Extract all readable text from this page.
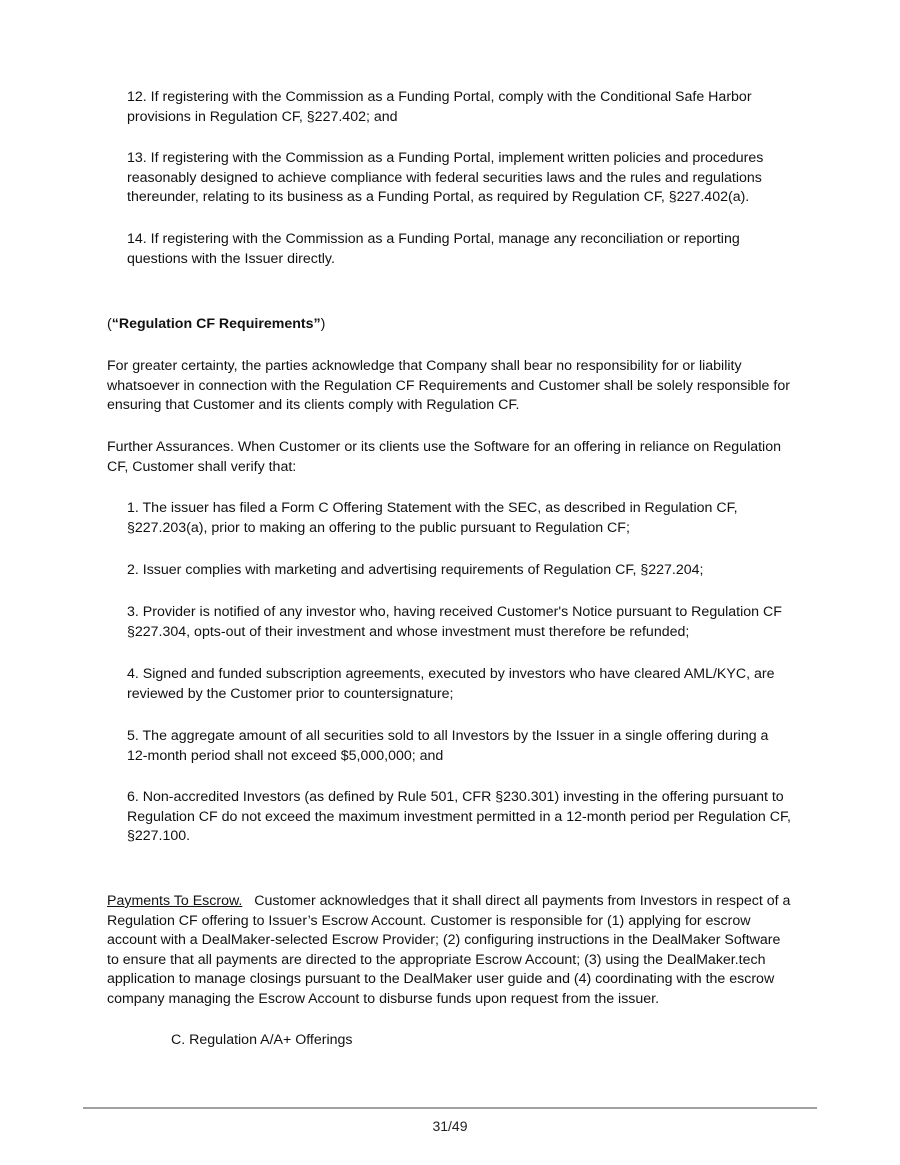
12. If registering with the Commission as a Funding Portal, comply with the Conditional Safe Harbor
provisions in Regulation CF, §227.402; and
13. If registering with the Commission as a Funding Portal, implement written policies and procedures
reasonably designed to achieve compliance with federal securities laws and the rules and regulations
thereunder, relating to its business as a Funding Portal, as required by Regulation CF, §227.402(a).
14. If registering with the Commission as a Funding Portal, manage any reconciliation or reporting
questions with the Issuer directly.
(“Regulation CF Requirements”)
For greater certainty, the parties acknowledge that Company shall bear no responsibility for or liability
whatsoever in connection with the Regulation CF Requirements and Customer shall be solely responsible for
ensuring that Customer and its clients comply with Regulation CF.
Further Assurances. When Customer or its clients use the Software for an offering in reliance on Regulation
CF, Customer shall verify that:
1. The issuer has filed a Form C Offering Statement with the SEC, as described in Regulation CF,
§227.203(a), prior to making an offering to the public pursuant to Regulation CF;
2. Issuer complies with marketing and advertising requirements of Regulation CF, §227.204;
3. Provider is notified of any investor who, having received Customer's Notice pursuant to Regulation CF
§227.304, opts-out of their investment and whose investment must therefore be refunded;
4. Signed and funded subscription agreements, executed by investors who have cleared AML/KYC, are
reviewed by the Customer prior to countersignature;
5. The aggregate amount of all securities sold to all Investors by the Issuer in a single offering during a
12-month period shall not exceed $5,000,000; and
6. Non-accredited Investors (as defined by Rule 501, CFR §230.301) investing in the offering pursuant to
Regulation CF do not exceed the maximum investment permitted in a 12-month period per Regulation CF,
§227.100.
Payments To Escrow.   Customer acknowledges that it shall direct all payments from Investors in respect of a
Regulation CF offering to Issuer’s Escrow Account. Customer is responsible for (1) applying for escrow
account with a DealMaker-selected Escrow Provider; (2) configuring instructions in the DealMaker Software
to ensure that all payments are directed to the appropriate Escrow Account; (3) using the DealMaker.tech
application to manage closings pursuant to the DealMaker user guide and (4) coordinating with the escrow
company managing the Escrow Account to disburse funds upon request from the issuer.
C. Regulation A/A+ Offerings
31/49
